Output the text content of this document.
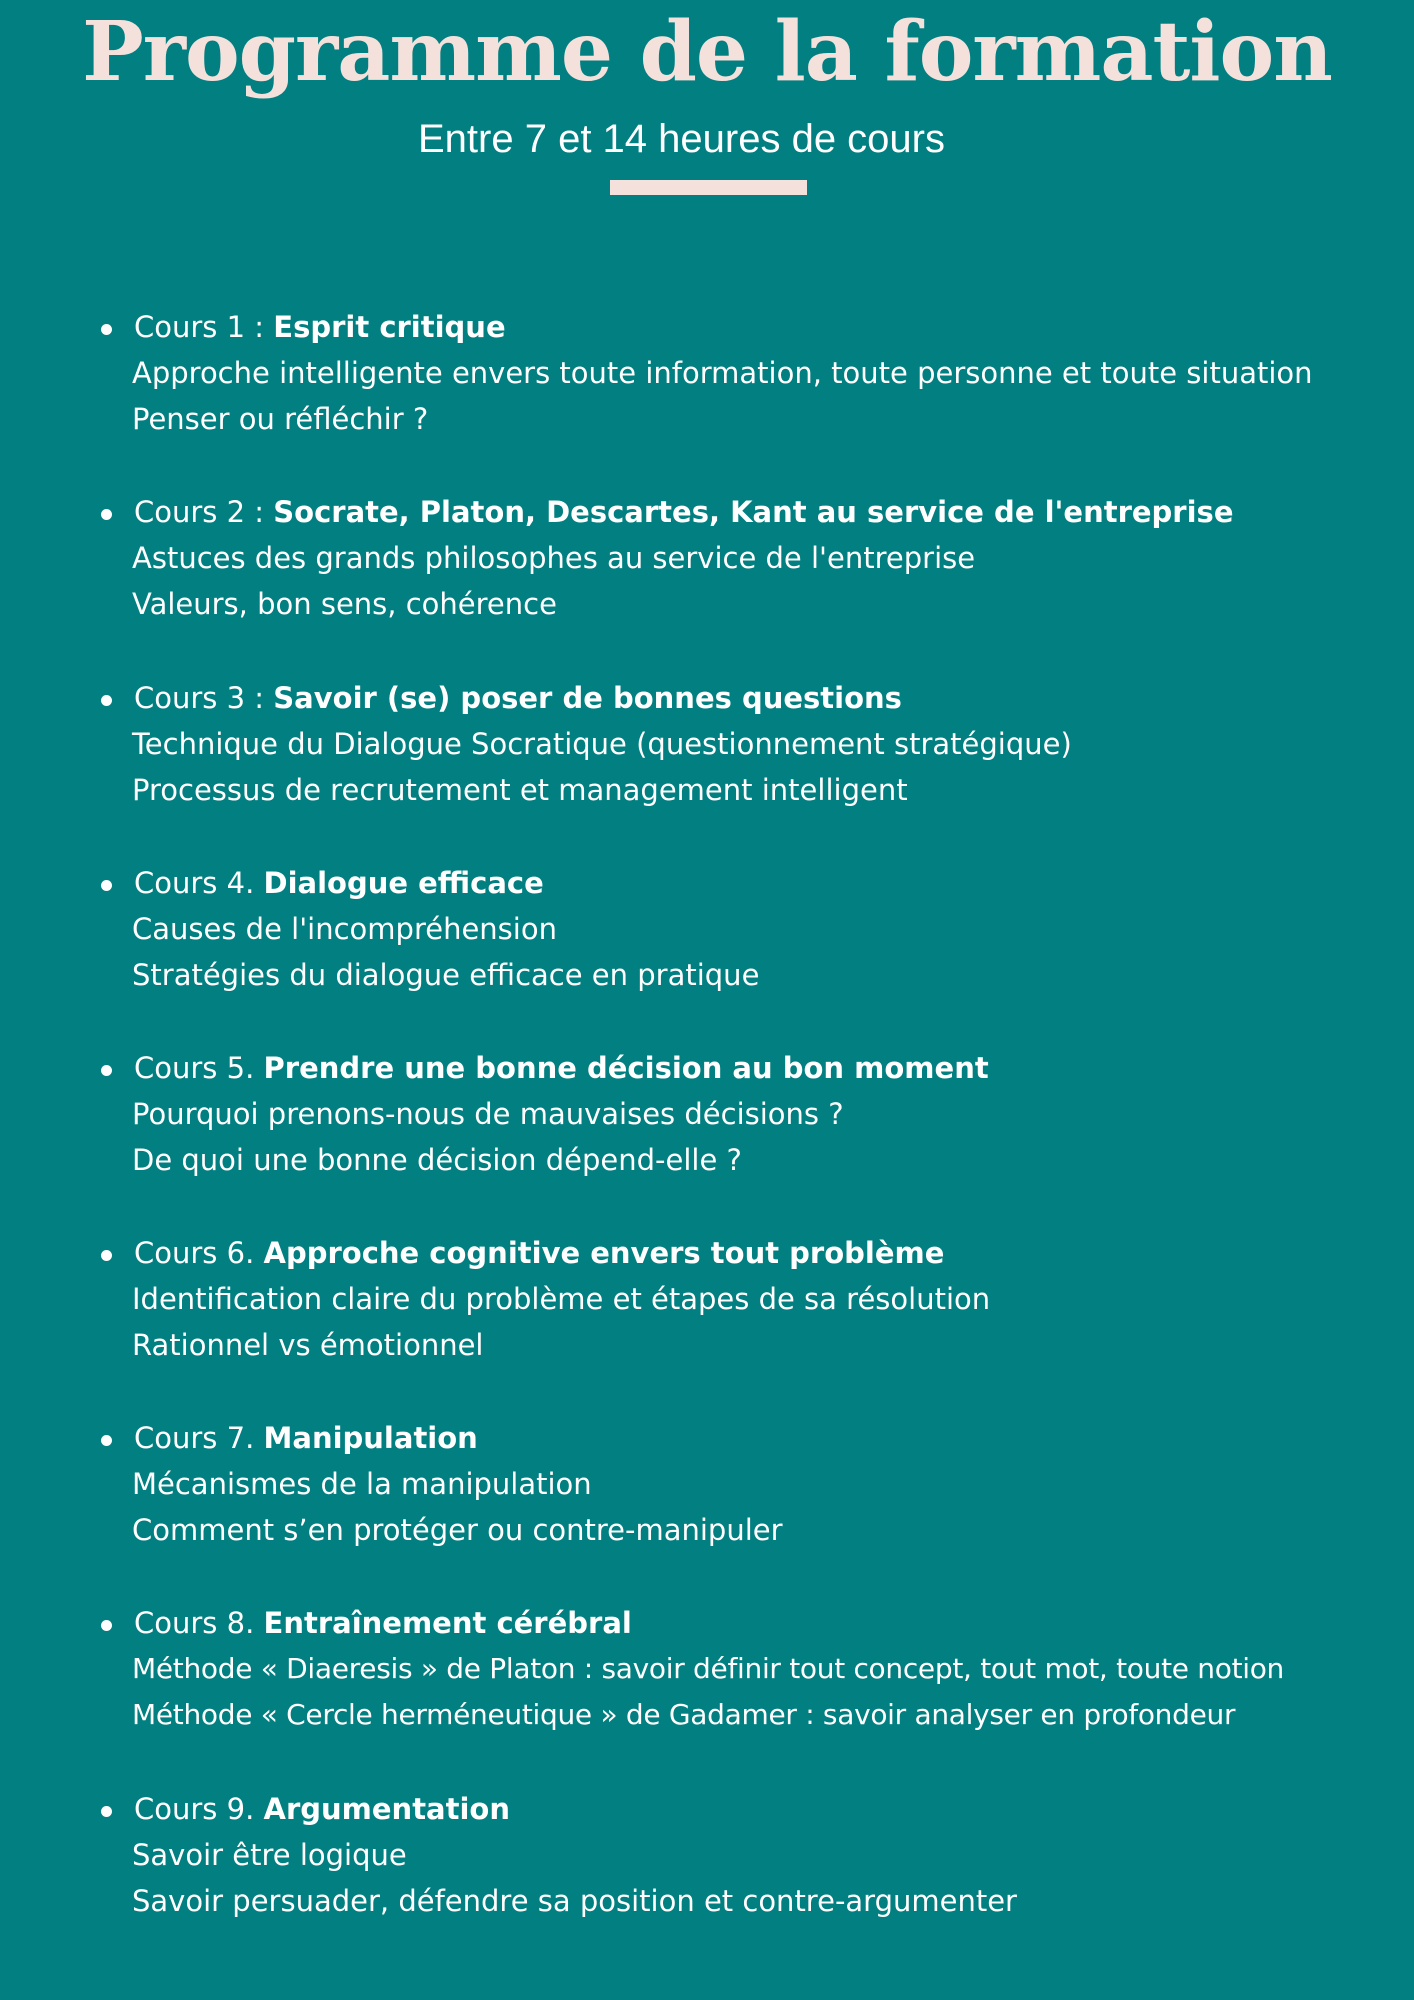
Programme de la formation
Entre 7 et 14 heures de cours
Cours 1 : Esprit critique
Approche intelligente envers toute information, toute personne et toute situation
Penser ou réfléchir ?
Cours 2 : Socrate, Platon, Descartes, Kant au service de l'entreprise
Astuces des grands philosophes au service de l'entreprise
Valeurs, bon sens, cohérence
Cours 3 : Savoir (se) poser de bonnes questions
Technique du Dialogue Socratique (questionnement stratégique)
Processus de recrutement et management intelligent
Cours 4. Dialogue efficace
Causes de l'incompréhension
Stratégies du dialogue efficace en pratique
Cours 5. Prendre une bonne décision au bon moment
Pourquoi prenons-nous de mauvaises décisions ?
De quoi une bonne décision dépend-elle ?
Cours 6. Approche cognitive envers tout problème
Identification claire du problème et étapes de sa résolution
Rationnel vs émotionnel
Cours 7. Manipulation
Mécanismes de la manipulation
Comment s’en protéger ou contre-manipuler
Cours 8. Entraînement cérébral
Méthode « Diaeresis » de Platon : savoir définir tout concept, tout mot, toute notion
Méthode « Cercle herméneutique » de Gadamer : savoir analyser en profondeur
Cours 9. Argumentation
Savoir être logique
Savoir persuader, défendre sa position et contre-argumenter
